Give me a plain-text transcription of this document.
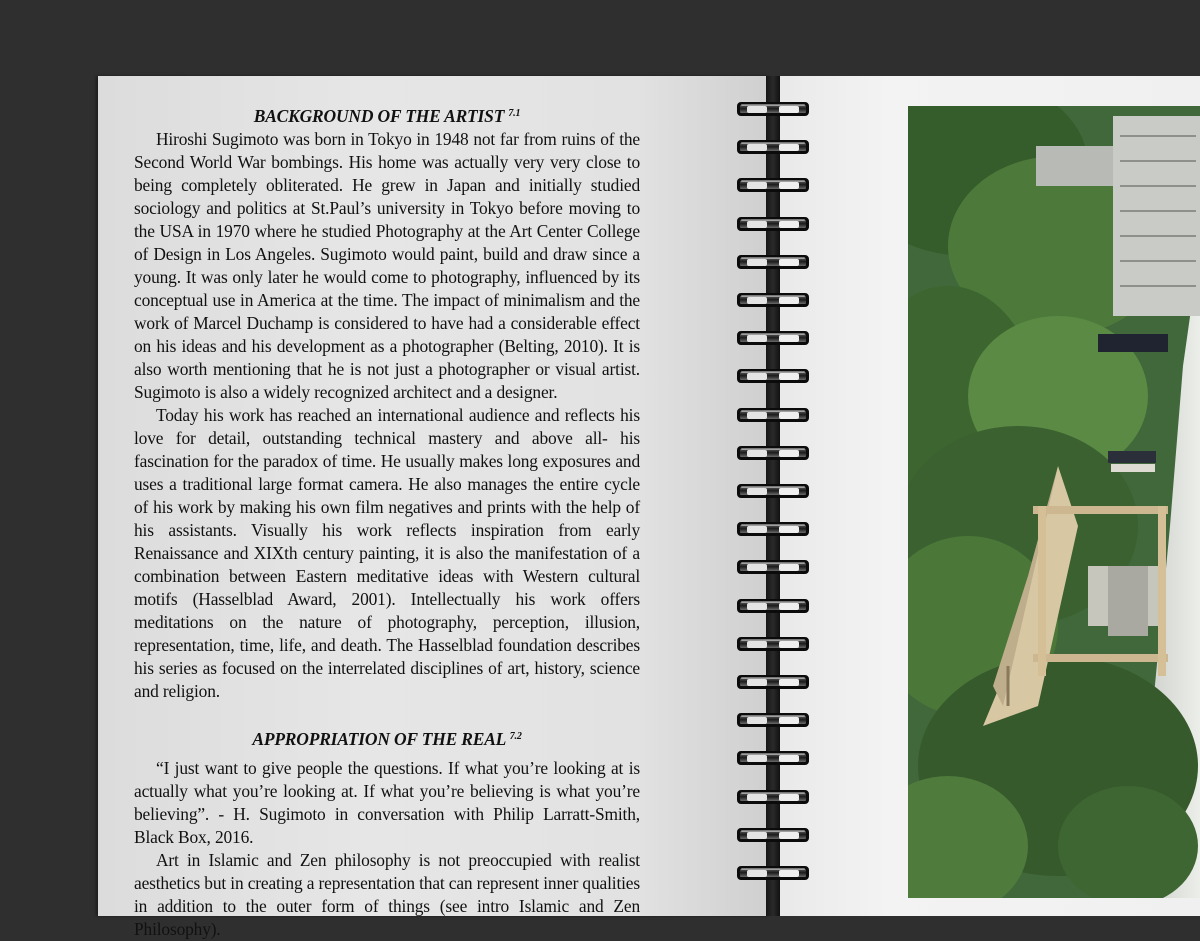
BACKGROUND OF THE ARTIST $^{7.1}$

Hiroshi Sugimoto was born in Tokyo in 1948 not far from ruins of the Second World War bombings. His home was actually very very close to being completely obliterated. He grew in Japan and initially studied sociology and politics at St.Paul’s university in Tokyo before moving to the USA in 1970 where he studied Photography at the Art Center College of Design in Los Angeles. Sugimoto would paint, build and draw since a young. It was only later he would come to photography, influenced by its conceptual use in America at the time. The impact of minimalism and the work of Marcel Duchamp is considered to have had a considerable effect on his ideas and his development as a photographer (Belting, 2010). It is also worth mentioning that he is not just a photographer or visual artist. Sugimoto is also a widely recognized architect and a designer.

Today his work has reached an international audience and reflects his love for detail, outstanding technical mastery and above all- his fascination for the paradox of time. He usually makes long exposures and uses a traditional large format camera. He also manages the entire cycle of his work by making his own film negatives and prints with the help of his assistants. Visually his work reflects inspiration from early Renaissance and XIXth century painting, it is also the manifestation of a combination between Eastern meditative ideas with Western cultural motifs (Hasselblad Award, 2001). Intellectually his work offers meditations on the nature of photography, perception, illusion, representation, time, life, and death. The Hasselblad foundation describes his series as focused on the interrelated disciplines of art, history, science and religion.

APPROPRIATION OF THE REAL $^{7.2}$

“I just want to give people the questions. If what you’re looking at is actually what you’re looking at. If what you’re believing is what you’re believing”. - H. Sugimoto in conversation with Philip Larratt-Smith, Black Box, 2016.

Art in Islamic and Zen philosophy is not preoccupied with realist aesthetics but in creating a representation that can represent inner qualities in addition to the outer form of things (see intro Islamic and Zen Philosophy).
